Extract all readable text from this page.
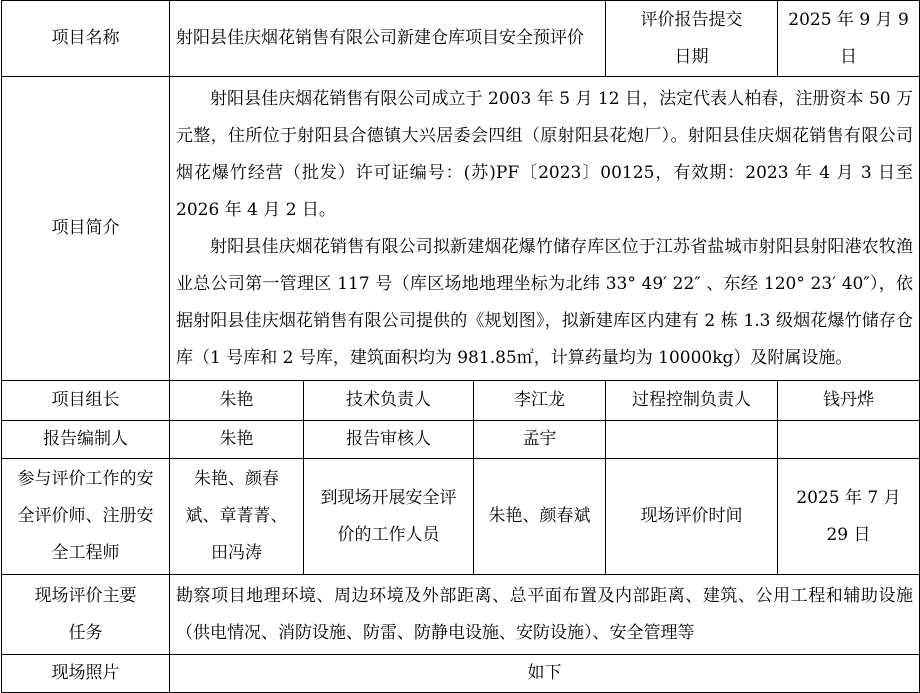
项目名称	射阳县佳庆烟花销售有限公司新建仓库项目安全预评价			评价报告提交日期	2025 年 9 月 9 日
项目简介	射阳县佳庆烟花销售有限公司成立于 2003 年 5 月 12 日，法定代表人柏春，注册资本 50 万元整，住所位于射阳县合德镇大兴居委会四组（原射阳县花炮厂）。射阳县佳庆烟花销售有限公司烟花爆竹经营（批发）许可证编号：(苏)PF〔2023〕00125，有效期：2023 年 4 月 3 日至 2026 年 4 月 2 日。

射阳县佳庆烟花销售有限公司拟新建烟花爆竹储存库区位于江苏省盐城市射阳县射阳港农牧渔业总公司第一管理区 117 号（库区场地地理坐标为北纬 33° 49′ 22″ 、东经 120° 23′ 40″），依据射阳县佳庆烟花销售有限公司提供的《规划图》，拟新建库区内建有 2 栋 1.3 级烟花爆竹储存仓库（1 号库和 2 号库，建筑面积均为 981.85㎡，计算药量均为 10000kg）及附属设施。				

项目组长	朱艳	技术负责人	李江龙	过程控制负责人	钱丹烨
报告编制人	朱艳	报告审核人	孟宇		
参与评价工作的安全评价师、注册安全工程师	朱艳、颜春斌、章菁菁、田冯涛	到现场开展安全评价的工作人员	朱艳、颜春斌	现场评价时间	2025 年 7 月 29 日
现场评价主要任务	勘察项目地理环境、周边环境及外部距离、总平面布置及内部距离、建筑、公用工程和辅助设施（供电情况、消防设施、防雷、防静电设施、安防设施）、安全管理等				
现场照片	如下				
